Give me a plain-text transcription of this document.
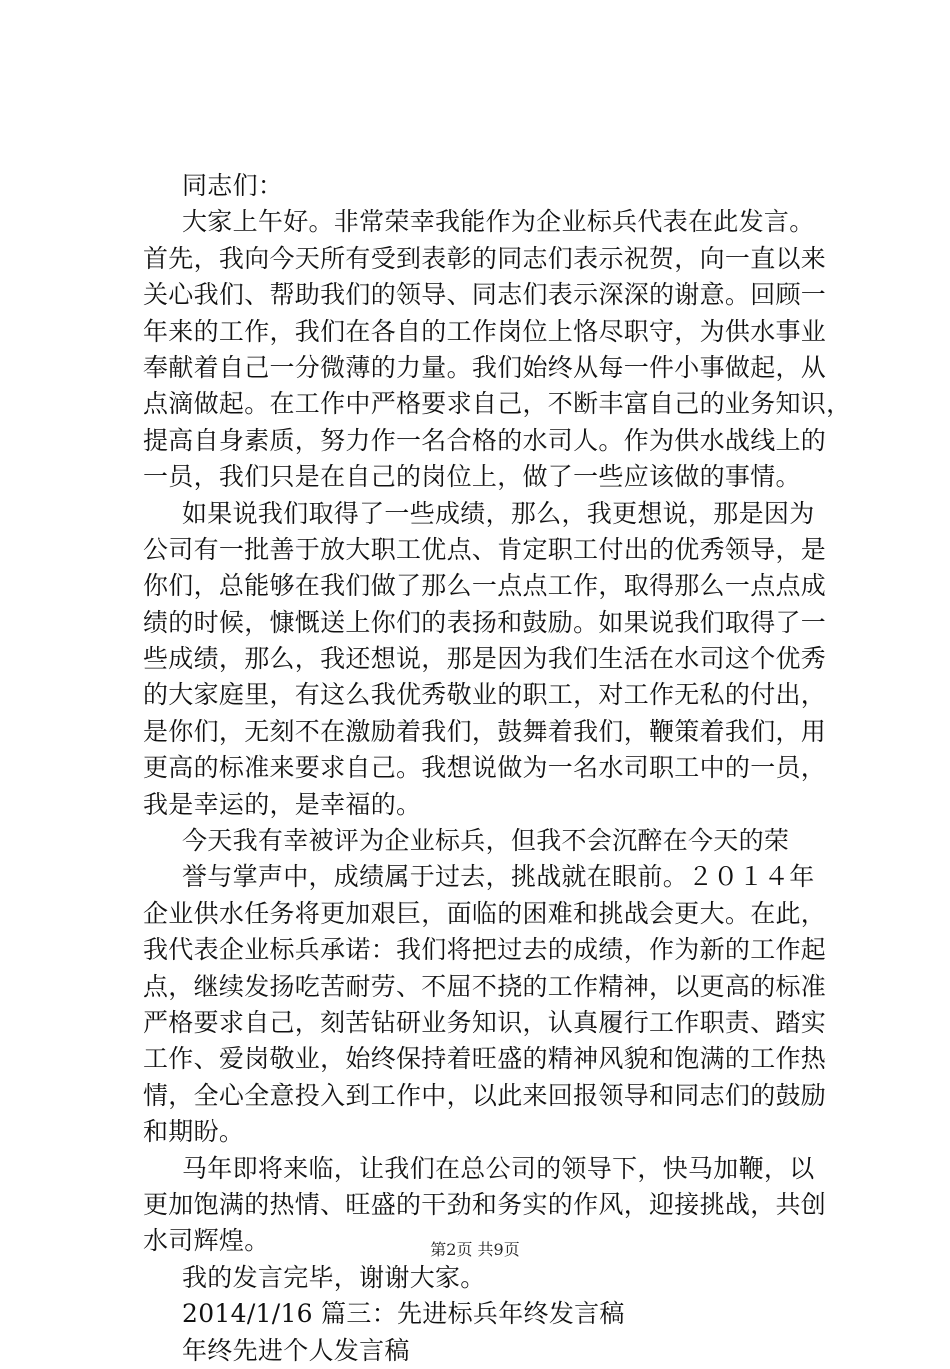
同志们：
大家上午好。非常荣幸我能作为企业标兵代表在此发言。
首先，我向今天所有受到表彰的同志们表示祝贺，向一直以来
关心我们、帮助我们的领导、同志们表示深深的谢意。回顾一
年来的工作，我们在各自的工作岗位上恪尽职守，为供水事业
奉献着自己一分微薄的力量。我们始终从每一件小事做起，从
点滴做起。在工作中严格要求自己，不断丰富自己的业务知识，
提高自身素质，努力作一名合格的水司人。作为供水战线上的
一员，我们只是在自己的岗位上，做了一些应该做的事情。
如果说我们取得了一些成绩，那么，我更想说，那是因为
公司有一批善于放大职工优点、肯定职工付出的优秀领导，是
你们，总能够在我们做了那么一点点工作，取得那么一点点成
绩的时候，慷慨送上你们的表扬和鼓励。如果说我们取得了一
些成绩，那么，我还想说，那是因为我们生活在水司这个优秀
的大家庭里，有这么我优秀敬业的职工，对工作无私的付出，
是你们，无刻不在激励着我们，鼓舞着我们，鞭策着我们，用
更高的标准来要求自己。我想说做为一名水司职工中的一员，
我是幸运的，是幸福的。
今天我有幸被评为企业标兵，但我不会沉醉在今天的荣
誉与掌声中，成绩属于过去，挑战就在眼前。２０１４年
企业供水任务将更加艰巨，面临的困难和挑战会更大。在此，
我代表企业标兵承诺：我们将把过去的成绩，作为新的工作起
点，继续发扬吃苦耐劳、不屈不挠的工作精神，以更高的标准
严格要求自己，刻苦钻研业务知识，认真履行工作职责、踏实
工作、爱岗敬业，始终保持着旺盛的精神风貌和饱满的工作热
情，全心全意投入到工作中，以此来回报领导和同志们的鼓励
和期盼。
马年即将来临，让我们在总公司的领导下，快马加鞭，以
更加饱满的热情、旺盛的干劲和务实的作风，迎接挑战，共创
水司辉煌。
我的发言完毕，谢谢大家。
2014/1/16 篇三：先进标兵年终发言稿
年终先进个人发言稿
第2页 共9页
